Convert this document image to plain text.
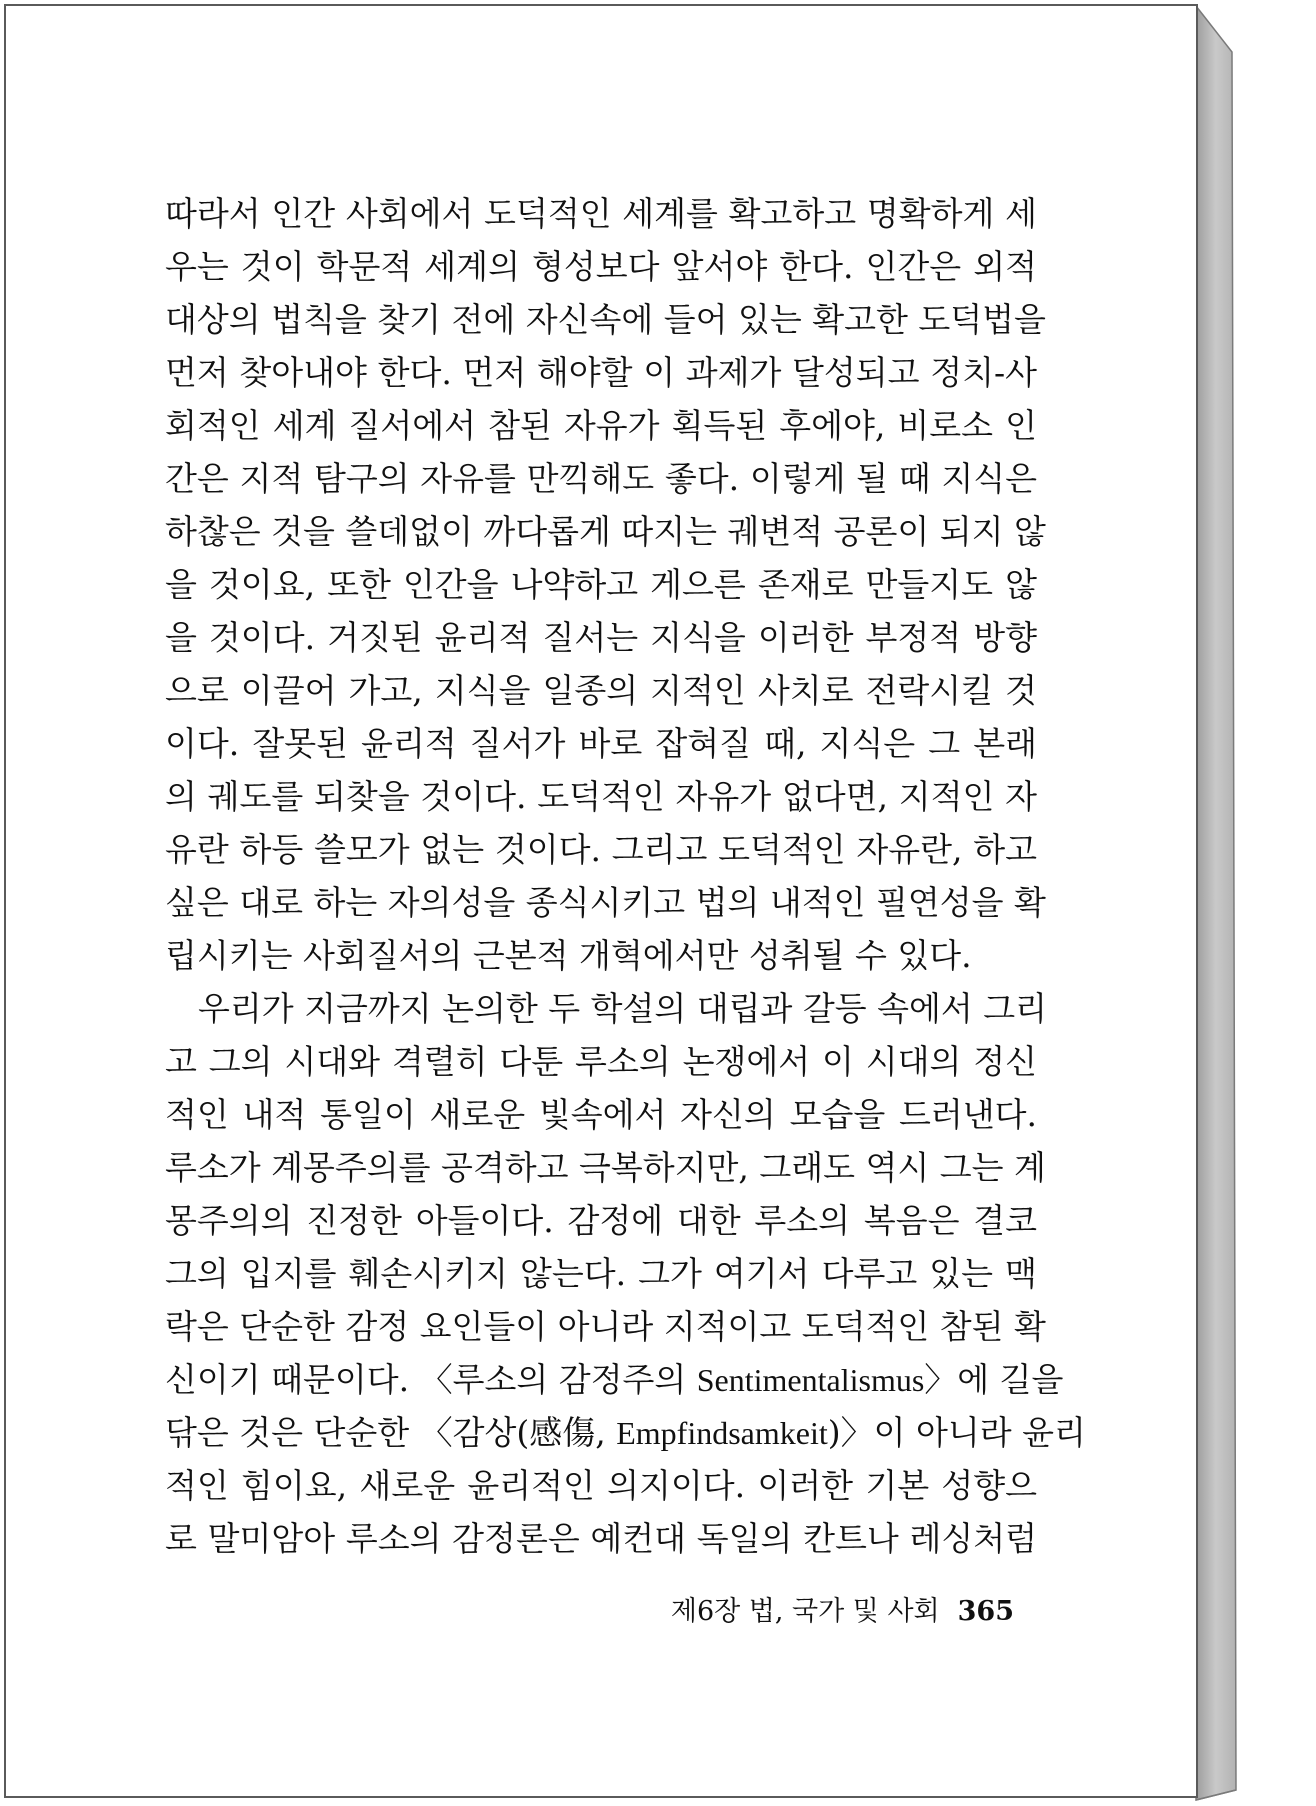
따라서 인간 사회에서 도덕적인 세계를 확고하고 명확하게 세
우는 것이 학문적 세계의 형성보다 앞서야 한다. 인간은 외적
대상의 법칙을 찾기 전에 자신속에 들어 있는 확고한 도덕법을
먼저 찾아내야 한다. 먼저 해야할 이 과제가 달성되고 정치-사
회적인 세계 질서에서 참된 자유가 획득된 후에야, 비로소 인
간은 지적 탐구의 자유를 만끽해도 좋다. 이렇게 될 때 지식은
하찮은 것을 쓸데없이 까다롭게 따지는 궤변적 공론이 되지 않
을 것이요, 또한 인간을 나약하고 게으른 존재로 만들지도 않
을 것이다. 거짓된 윤리적 질서는 지식을 이러한 부정적 방향
으로 이끌어 가고, 지식을 일종의 지적인 사치로 전락시킬 것
이다. 잘못된 윤리적 질서가 바로 잡혀질 때, 지식은 그 본래
의 궤도를 되찾을 것이다. 도덕적인 자유가 없다면, 지적인 자
유란 하등 쓸모가 없는 것이다. 그리고 도덕적인 자유란, 하고
싶은 대로 하는 자의성을 종식시키고 법의 내적인 필연성을 확
립시키는 사회질서의 근본적 개혁에서만 성취될 수 있다.
우리가 지금까지 논의한 두 학설의 대립과 갈등 속에서 그리
고 그의 시대와 격렬히 다툰 루소의 논쟁에서 이 시대의 정신
적인 내적 통일이 새로운 빛속에서 자신의 모습을 드러낸다.
루소가 계몽주의를 공격하고 극복하지만, 그래도 역시 그는 계
몽주의의 진정한 아들이다. 감정에 대한 루소의 복음은 결코
그의 입지를 훼손시키지 않는다. 그가 여기서 다루고 있는 맥
락은 단순한 감정 요인들이 아니라 지적이고 도덕적인 참된 확
신이기 때문이다. 〈루소의 감정주의 Sentimentalismus〉에 길을
닦은 것은 단순한 〈감상(感傷, Empfindsamkeit)〉이 아니라 윤리
적인 힘이요, 새로운 윤리적인 의지이다. 이러한 기본 성향으
로 말미암아 루소의 감정론은 예컨대 독일의 칸트나 레싱처럼
제6장 법, 국가 및 사회 365
